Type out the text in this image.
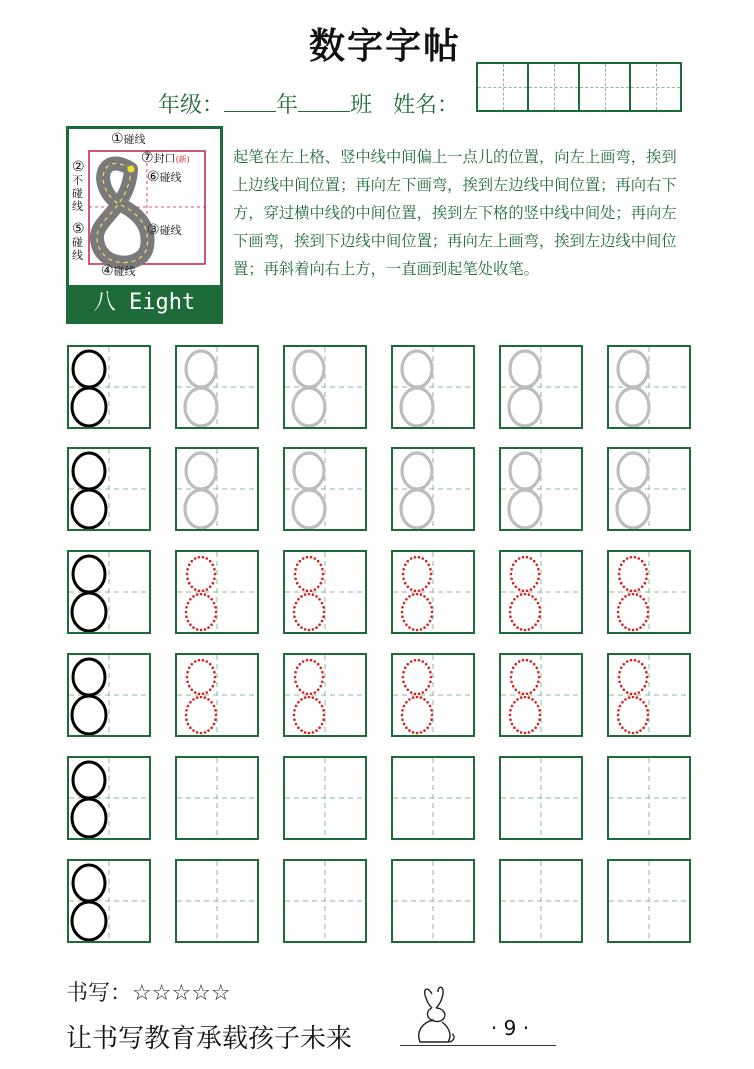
数字字帖
年级： 年 班 姓名：
①碰线
②不碰线
③碰线
④碰线
⑤碰线
⑥碰线
⑦封口(新)
八 Eight
起笔在左上格、竖中线中间偏上一点儿的位置，向左上画弯，挨到上边线中间位置；再向左下画弯，挨到左边线中间位置；再向右下方，穿过横中线的中间位置，挨到左下格的竖中线中间处；再向左下画弯，挨到下边线中间位置；再向左上画弯，挨到左边线中间位置；再斜着向右上方，一直画到起笔处收笔。
书写：☆☆☆☆☆
让书写教育承载孩子未来	· 9 ·
